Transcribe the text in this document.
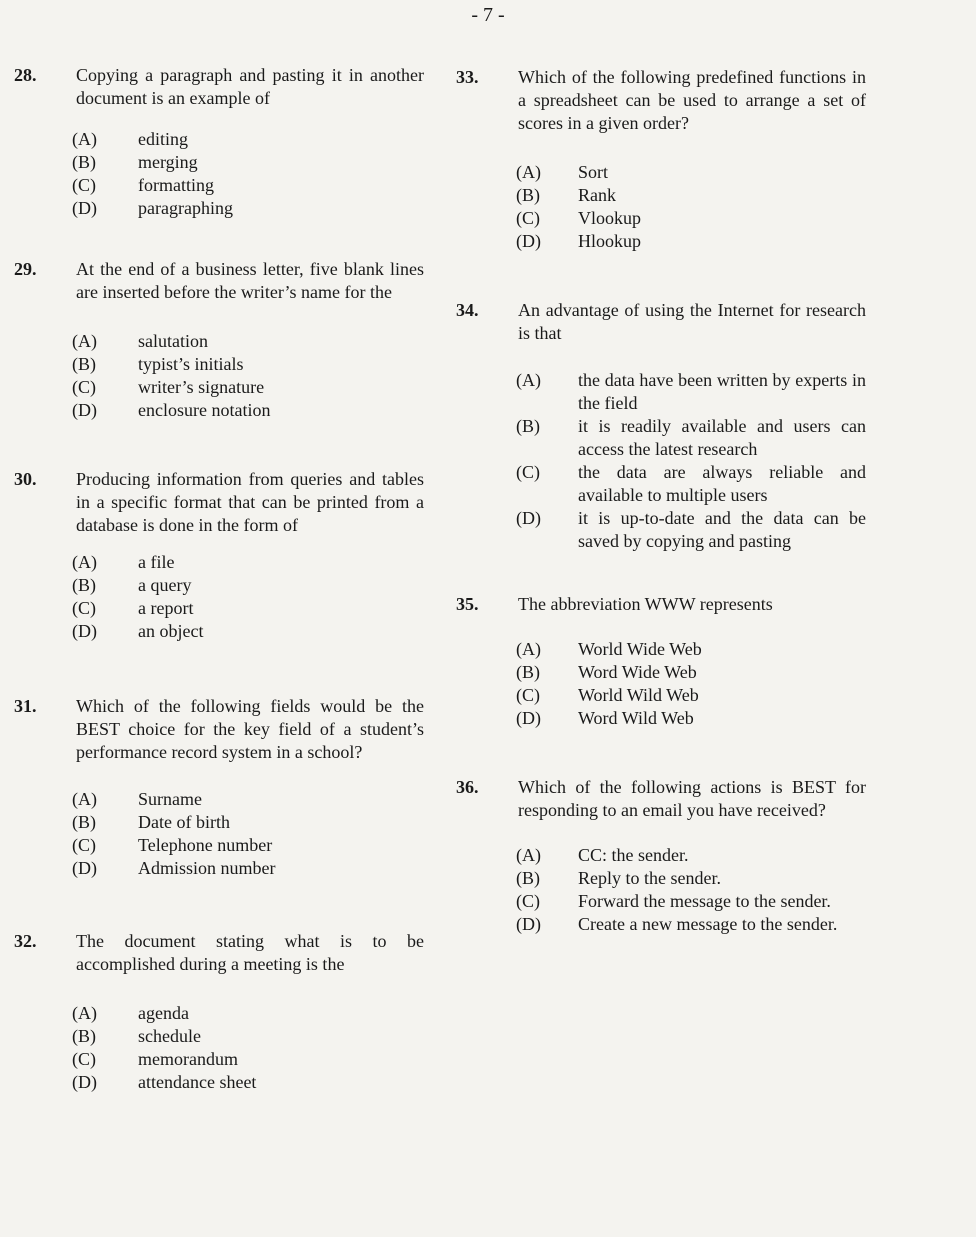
- 7 -
28. Copying a paragraph and pasting it in another document is an example of
(A)	editing
(B)	merging
(C)	formatting
(D)	paragraphing
29. At the end of a business letter, five blank lines are inserted before the writer’s name for the
(A)	salutation
(B)	typist’s initials
(C)	writer’s signature
(D)	enclosure notation
30. Producing information from queries and tables in a specific format that can be printed from a database is done in the form of
(A)	a file
(B)	a query
(C)	a report
(D)	an object
31. Which of the following fields would be the BEST choice for the key field of a student’s performance record system in a school?
(A)	Surname
(B)	Date of birth
(C)	Telephone number
(D)	Admission number
32. The document stating what is to be accomplished during a meeting is the
(A)	agenda
(B)	schedule
(C)	memorandum
(D)	attendance sheet
33. Which of the following predefined functions in a spreadsheet can be used to arrange a set of scores in a given order?
(A)	Sort
(B)	Rank
(C)	Vlookup
(D)	Hlookup
34. An advantage of using the Internet for research is that
(A)	the data have been written by experts in the field
(B)	it is readily available and users can access the latest research
(C)	the data are always reliable and available to multiple users
(D)	it is up-to-date and the data can be saved by copying and pasting
35. The abbreviation WWW represents
(A)	World Wide Web
(B)	Word Wide Web
(C)	World Wild Web
(D)	Word Wild Web
36. Which of the following actions is BEST for responding to an email you have received?
(A)	CC: the sender.
(B)	Reply to the sender.
(C)	Forward the message to the sender.
(D)	Create a new message to the sender.
